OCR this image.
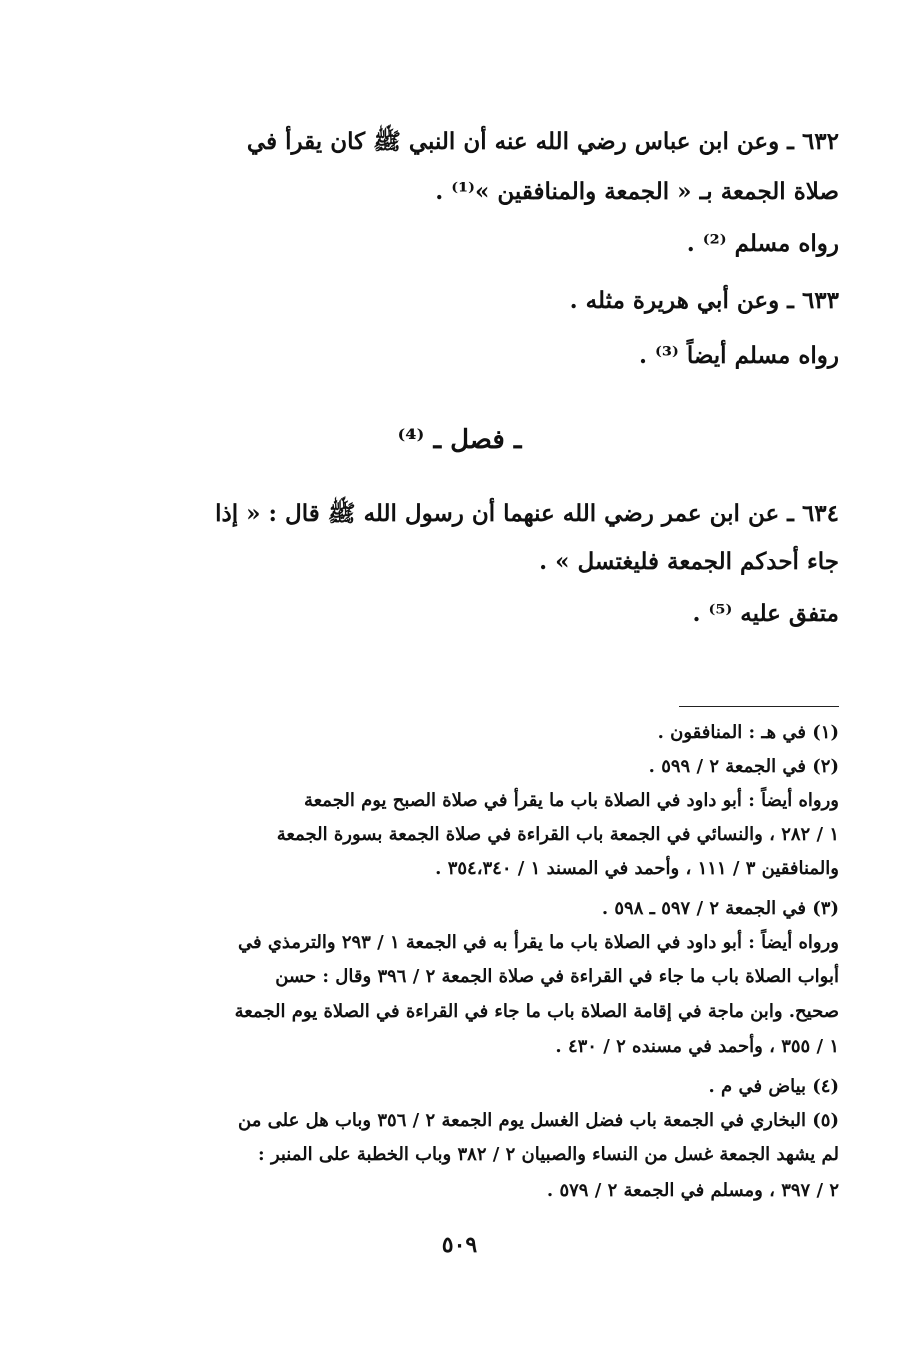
٦٣٢ ـ وعن ابن عباس رضي الله عنه أن النبي ﷺ كان يقرأ في
صلاة الجمعة بـ « الجمعة والمنافقين »⁽¹⁾ .
رواه مسلم ⁽²⁾ .
٦٣٣ ـ وعن أبي هريرة مثله .
رواه مسلم أيضاً ⁽³⁾ .
ـ فصل ـ ⁽⁴⁾
٦٣٤ ـ عن ابن عمر رضي الله عنهما أن رسول الله ﷺ قال : « إذا
جاء أحدكم الجمعة فليغتسل » .
متفق عليه ⁽⁵⁾ .
(١) في هـ : المنافقون .
(٢) في الجمعة ٢ / ٥٩٩ .
ورواه أيضاً : أبو داود في الصلاة باب ما يقرأ في صلاة الصبح يوم الجمعة
١ / ٢٨٢ ، والنسائي في الجمعة باب القراءة في صلاة الجمعة بسورة الجمعة
والمنافقين ٣ / ١١١ ، وأحمد في المسند ١ / ٣٥٤،٣٤٠ .
(٣) في الجمعة ٢ / ٥٩٧ ـ ٥٩٨ .
ورواه أيضاً : أبو داود في الصلاة باب ما يقرأ به في الجمعة ١ / ٢٩٣ والترمذي في
أبواب الصلاة باب ما جاء في القراءة في صلاة الجمعة ٢ / ٣٩٦ وقال : حسن
صحيح. وابن ماجة في إقامة الصلاة باب ما جاء في القراءة في الصلاة يوم الجمعة
١ / ٣٥٥ ، وأحمد في مسنده ٢ / ٤٣٠ .
(٤) بياض في م .
(٥) البخاري في الجمعة باب فضل الغسل يوم الجمعة ٢ / ٣٥٦ وباب هل على من
لم يشهد الجمعة غسل من النساء والصبيان ٢ / ٣٨٢ وباب الخطبة على المنبر :
٢ / ٣٩٧ ، ومسلم في الجمعة ٢ / ٥٧٩ .
٥٠٩
